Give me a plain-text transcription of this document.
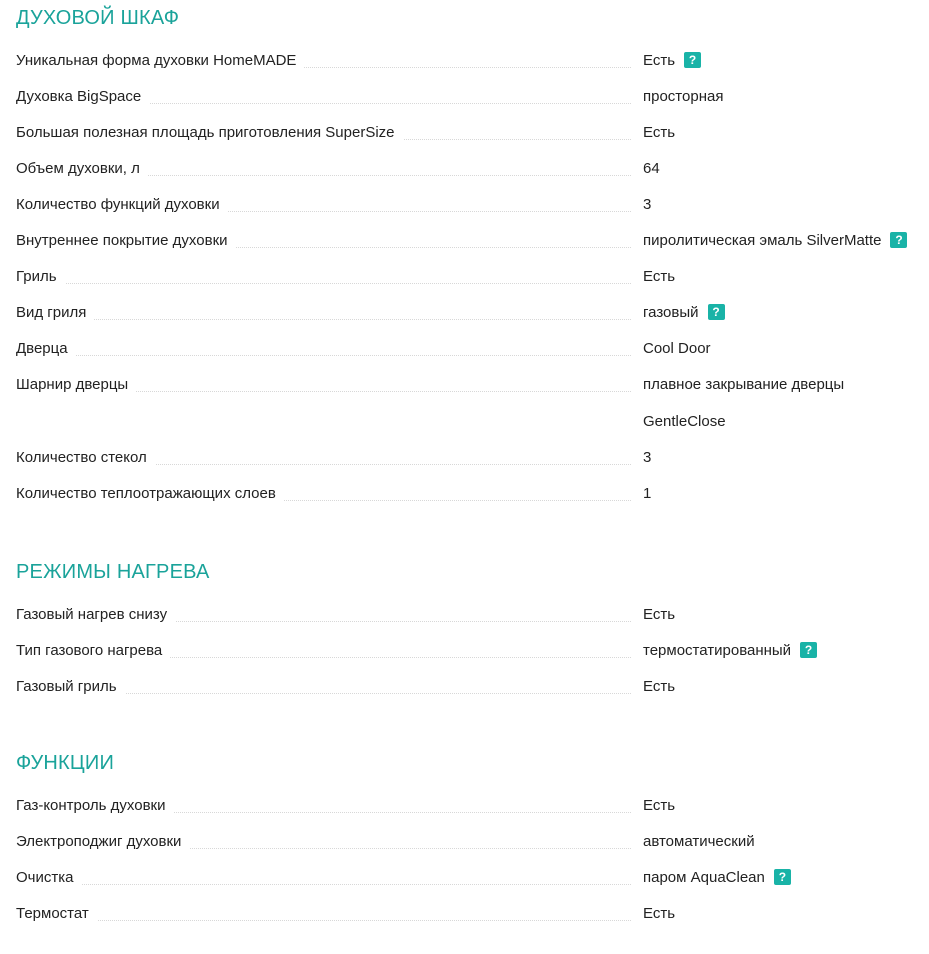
ДУХОВОЙ ШКАФ
Уникальная форма духовки HomeMADE	Есть ?
Духовка BigSpace	просторная
Большая полезная площадь приготовления SuperSize	Есть
Объем духовки, л	64
Количество функций духовки	3
Внутреннее покрытие духовки	пиролитическая эмаль SilverMatte ?
Гриль	Есть
Вид гриля	газовый ?
Дверца	Cool Door
Шарнир дверцы	плавное закрывание дверцы
GentleClose
Количество стекол	3
Количество теплоотражающих слоев	1
РЕЖИМЫ НАГРЕВА
Газовый нагрев снизу	Есть
Тип газового нагрева	термостатированный ?
Газовый гриль	Есть
ФУНКЦИИ
Газ-контроль духовки	Есть
Электроподжиг духовки	автоматический
Очистка	паром AquaClean ?
Термостат	Есть
